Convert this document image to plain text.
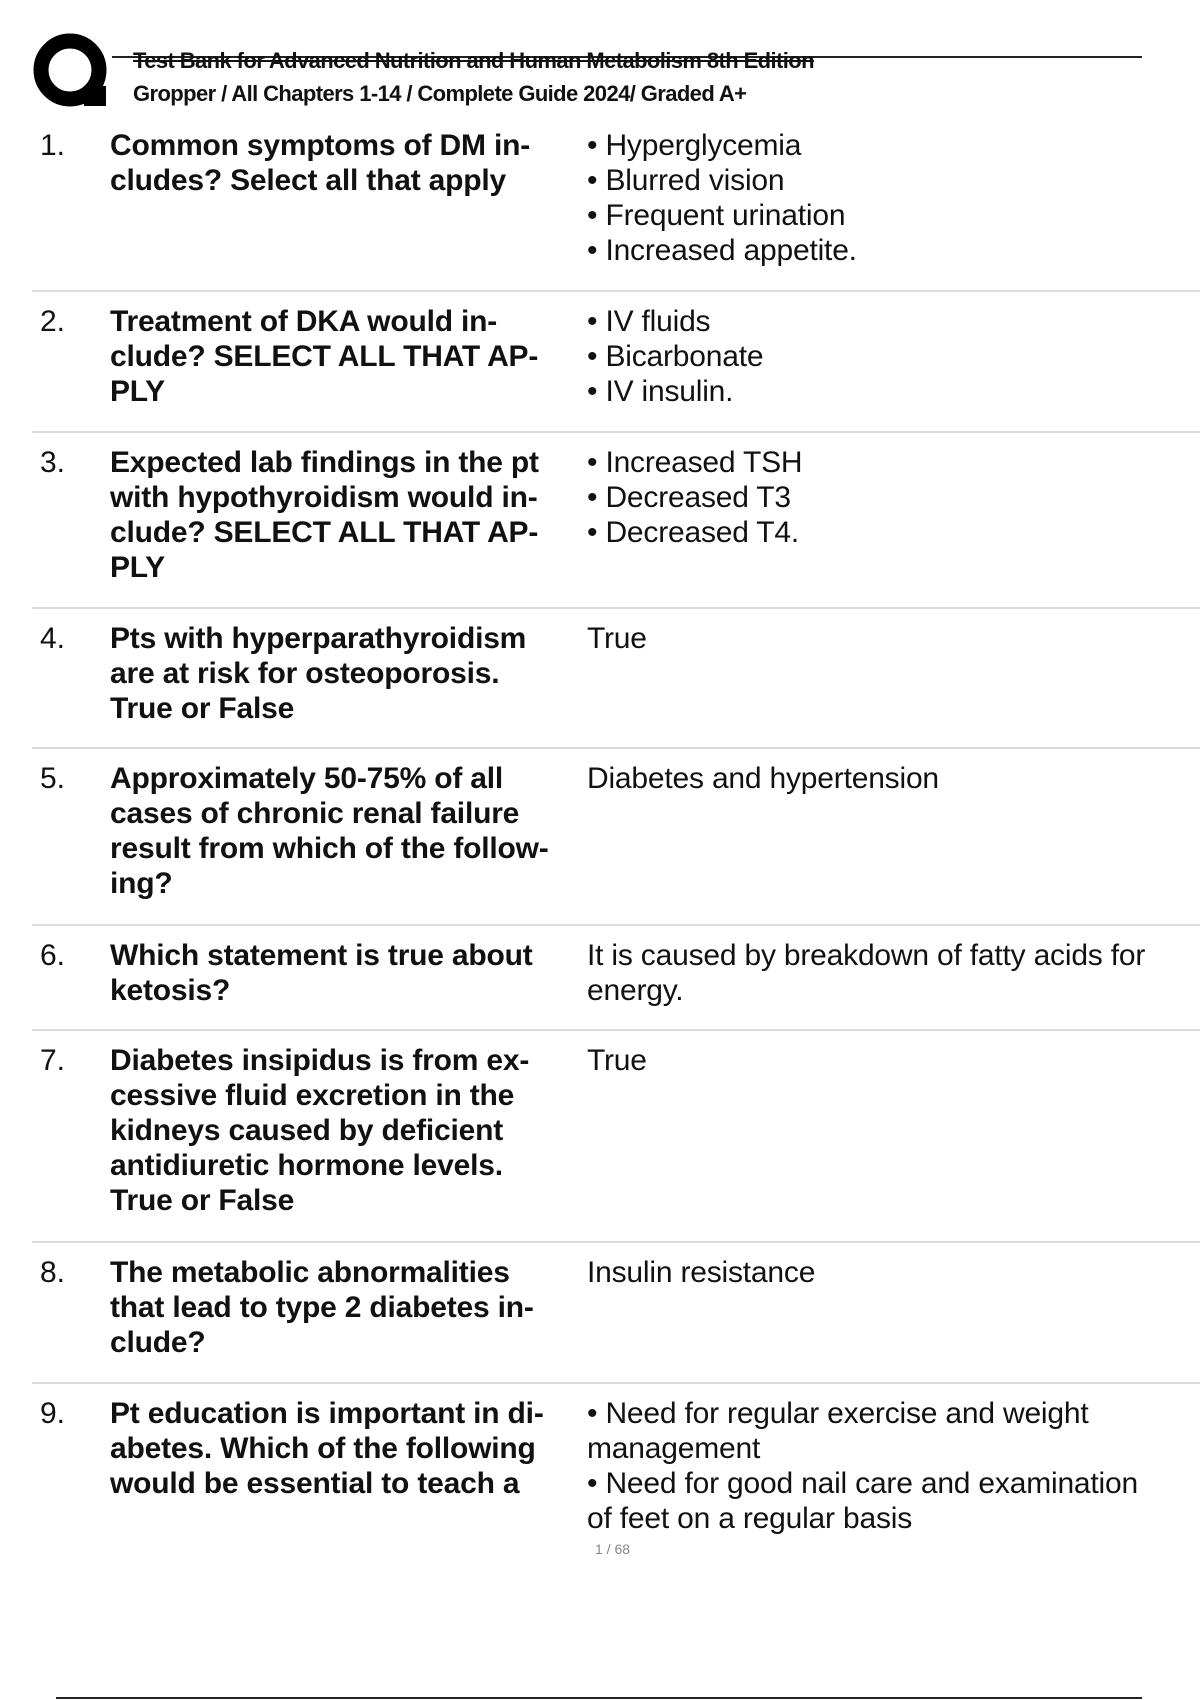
Test Bank for Advanced Nutrition and Human Metabolism 8th Edition
Gropper / All Chapters 1-14 / Complete Guide 2024/ Graded A+
1. Common symptoms of DM in-
cludes? Select all that apply
• Hyperglycemia
• Blurred vision
• Frequent urination
• Increased appetite.
2. Treatment of DKA would in-
clude? SELECT ALL THAT AP-
PLY
• IV fluids
• Bicarbonate
• IV insulin.
3. Expected lab findings in the pt
with hypothyroidism would in-
clude? SELECT ALL THAT AP-
PLY
• Increased TSH
• Decreased T3
• Decreased T4.
4. Pts with hyperparathyroidism
are at risk for osteoporosis.
True or False
True
5. Approximately 50-75% of all
cases of chronic renal failure
result from which of the follow-
ing?
Diabetes and hypertension
6. Which statement is true about
ketosis?
It is caused by breakdown of fatty acids for
energy.
7. Diabetes insipidus is from ex-
cessive fluid excretion in the
kidneys caused by deficient
antidiuretic hormone levels.
True or False
True
8. The metabolic abnormalities
that lead to type 2 diabetes in-
clude?
Insulin resistance
9. Pt education is important in di-
abetes. Which of the following
would be essential to teach a
• Need for regular exercise and weight
management
• Need for good nail care and examination
of feet on a regular basis
1 / 68
